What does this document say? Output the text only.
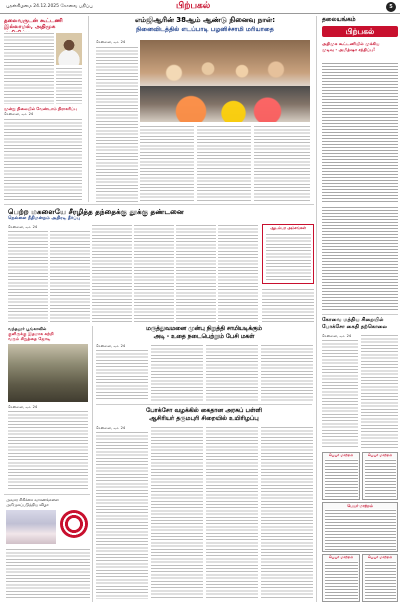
புதன்கிழமை 24.12.2025 கோவை பதிப்பு	பிற்பகல்	5
தலைவருடன் கூட்டணி
இல்லாமல், அதிமுக
மூன்று நிலையில் வேண்டாம் நிராகரிப்பு
சென்னை, டிச. 24
எம்ஜிஆரின் 38ஆம் ஆண்டு நினைவு நாள்:
நினைவிடத்தில் எடப்பாடி பழனிச்சாமி மரியாதை
சென்னை, டிச. 24
தலையங்கம்
பிற்பகல்
அதிமுக கூட்டணியில் முக்கிய
முடிவு - அமித்ஷா சந்திப்பு!
பெற்ற மகளையே சீரழித்த தந்தைக்கு தூக்கு தண்டனை
நெல்லை நீதிமன்றம் அதிரடி தீர்ப்பு
சென்னை, டிச. 24	ஆடம்பர அம்சங்கள்
வந்தலூர் பூங்காவில்
குளிருக்கு இதமாக சுற்றி
வரும் சிறுத்தை ஜோடி
சென்னை, டிச. 24
மருத்துவமனை முன்பு நிறுத்தி சாமியடிக்கும்
அடி - உதை நடைபெற்றும் பேசி மகள்
சென்னை, டிச. 24
போக்சோ வழக்கில் கைதான அரசுப் பள்ளி
ஆசிரியர் தருமபுரி சிறையில் உயிரிழப்பு
சென்னை, டிச. 24
அவசர சிகிச்சை வாகனங்களை அறிமுகப்படுத்திய விழா
கோவை மத்திய சிறையில்
போக்சோ கைதி தற்கொலை
சென்னை, டிச. 24
பெயர் மாற்றம்	பெயர் மாற்றம்
பெயர் மாற்றம்
பெயர் மாற்றம்	பெயர் மாற்றம்
